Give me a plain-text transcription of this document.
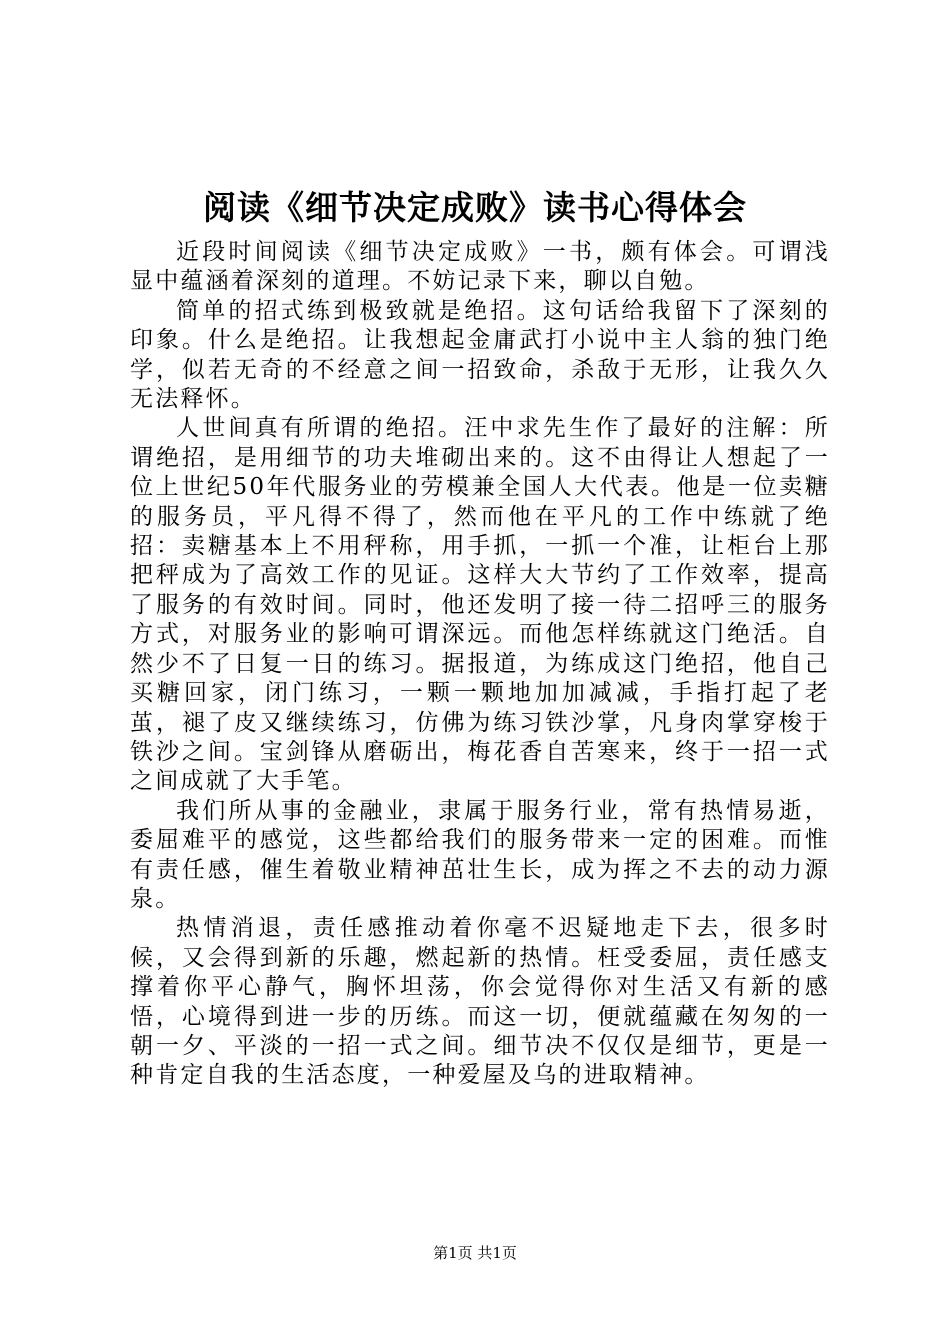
阅读《细节决定成败》读书心得体会

近段时间阅读《细节决定成败》一书，颇有体会。可谓浅显中蕴涵着深刻的道理。不妨记录下来，聊以自勉。

简单的招式练到极致就是绝招。这句话给我留下了深刻的印象。什么是绝招。让我想起金庸武打小说中主人翁的独门绝学，似若无奇的不经意之间一招致命，杀敌于无形，让我久久无法释怀。

人世间真有所谓的绝招。汪中求先生作了最好的注解：所谓绝招，是用细节的功夫堆砌出来的。这不由得让人想起了一位上世纪50年代服务业的劳模兼全国人大代表。他是一位卖糖的服务员，平凡得不得了，然而他在平凡的工作中练就了绝招：卖糖基本上不用秤称，用手抓，一抓一个准，让柜台上那把秤成为了高效工作的见证。这样大大节约了工作效率，提高了服务的有效时间。同时，他还发明了接一待二招呼三的服务方式，对服务业的影响可谓深远。而他怎样练就这门绝活。自然少不了日复一日的练习。据报道，为练成这门绝招，他自己买糖回家，闭门练习，一颗一颗地加加减减，手指打起了老茧，褪了皮又继续练习，仿佛为练习铁沙掌，凡身肉掌穿梭于铁沙之间。宝剑锋从磨砺出，梅花香自苦寒来，终于一招一式之间成就了大手笔。

我们所从事的金融业，隶属于服务行业，常有热情易逝，委屈难平的感觉，这些都给我们的服务带来一定的困难。而惟有责任感，催生着敬业精神茁壮生长，成为挥之不去的动力源泉。

热情消退，责任感推动着你毫不迟疑地走下去，很多时候，又会得到新的乐趣，燃起新的热情。枉受委屈，责任感支撑着你平心静气，胸怀坦荡，你会觉得你对生活又有新的感悟，心境得到进一步的历练。而这一切，便就蕴藏在匆匆的一朝一夕、平淡的一招一式之间。细节决不仅仅是细节，更是一种肯定自我的生活态度，一种爱屋及乌的进取精神。

第1页 共1页
